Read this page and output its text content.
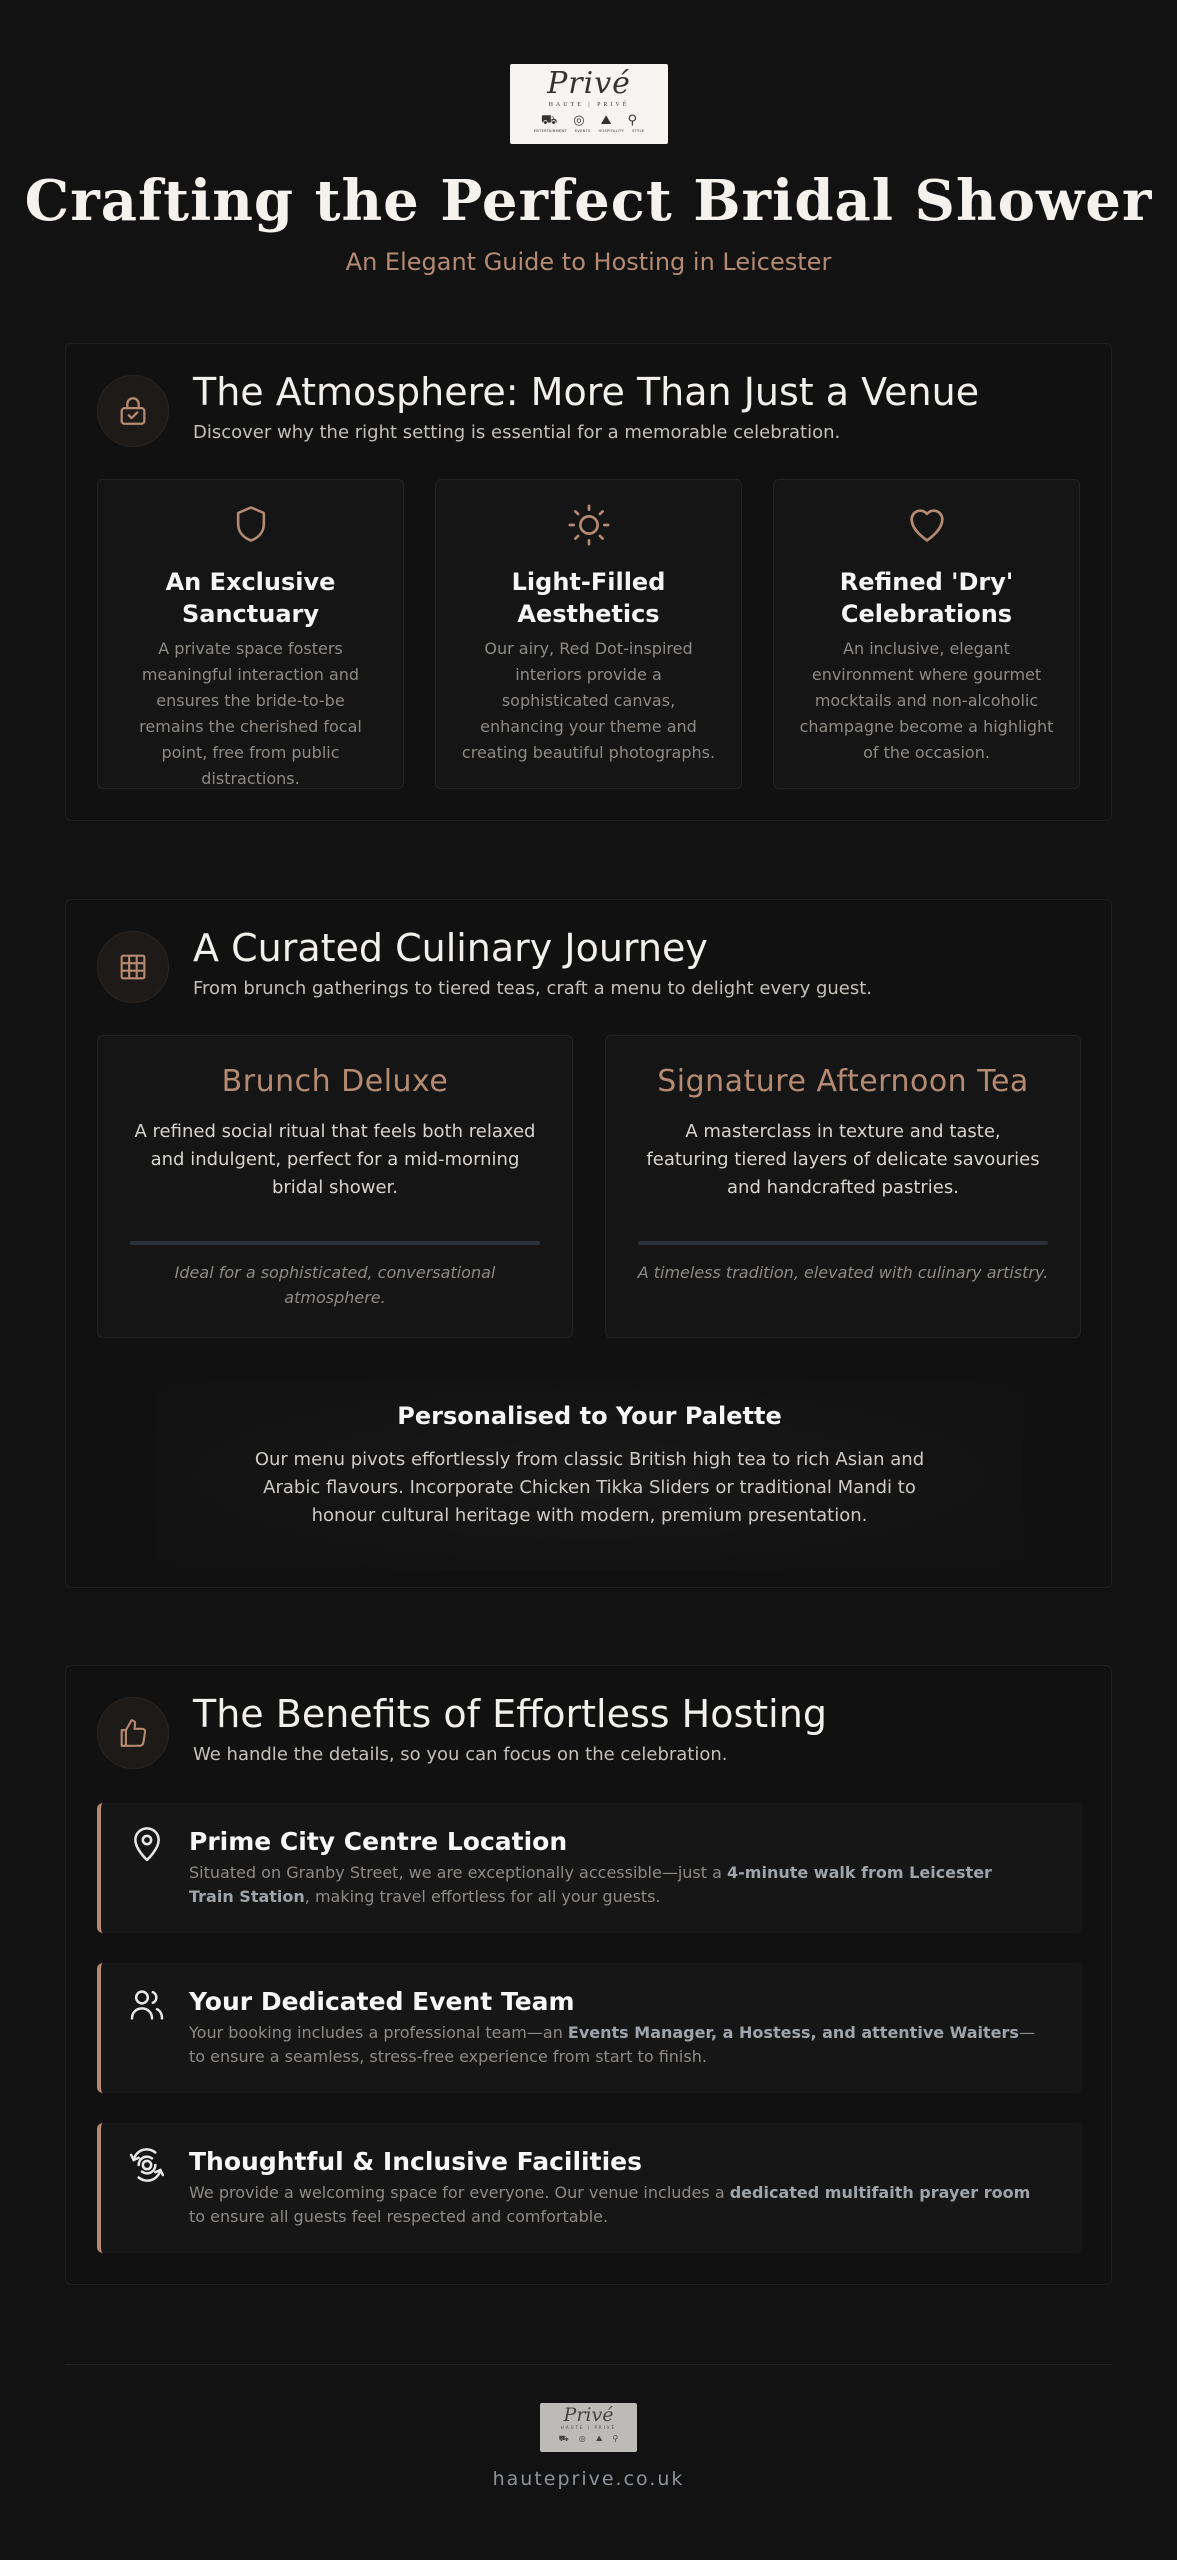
Privé
HAUTE | PRIVÉ
⛟ ◎ ⛰ ⚲
ENTERTAINMENT EVENTS HOSPITALITY STYLE
Crafting the Perfect Bridal Shower
An Elegant Guide to Hosting in Leicester
The Atmosphere: More Than Just a Venue

Discover why the right setting is essential for a memorable celebration.

An Exclusive Sanctuary

A private space fosters meaningful interaction and ensures the bride-to-be remains the cherished focal point, free from public distractions.

Light-Filled Aesthetics

Our airy, Red Dot-inspired interiors provide a sophisticated canvas, enhancing your theme and creating beautiful photographs.

Refined 'Dry' Celebrations

An inclusive, elegant environment where gourmet mocktails and non-alcoholic champagne become a highlight of the occasion.

A Curated Culinary Journey

From brunch gatherings to tiered teas, craft a menu to delight every guest.

Brunch Deluxe

A refined social ritual that feels both relaxed and indulgent, perfect for a mid-morning bridal shower.

Ideal for a sophisticated, conversational atmosphere.

Signature Afternoon Tea

A masterclass in texture and taste, featuring tiered layers of delicate savouries and handcrafted pastries.

A timeless tradition, elevated with culinary artistry.

Personalised to Your Palette

Our menu pivots effortlessly from classic British high tea to rich Asian and Arabic flavours. Incorporate Chicken Tikka Sliders or traditional Mandi to honour cultural heritage with modern, premium presentation.

The Benefits of Effortless Hosting

We handle the details, so you can focus on the celebration.

Prime City Centre Location

Situated on Granby Street, we are exceptionally accessible—just a 4-minute walk from Leicester Train Station, making travel effortless for all your guests.

Your Dedicated Event Team

Your booking includes a professional team—an Events Manager, a Hostess, and attentive Waiters—to ensure a seamless, stress-free experience from start to finish.

Thoughtful & Inclusive Facilities

We provide a welcoming space for everyone. Our venue includes a dedicated multifaith prayer room to ensure all guests feel respected and comfortable.

Privé
HAUTE | PRIVÉ
⛟ ◎ ⛰ ⚲
hauteprive.co.uk
